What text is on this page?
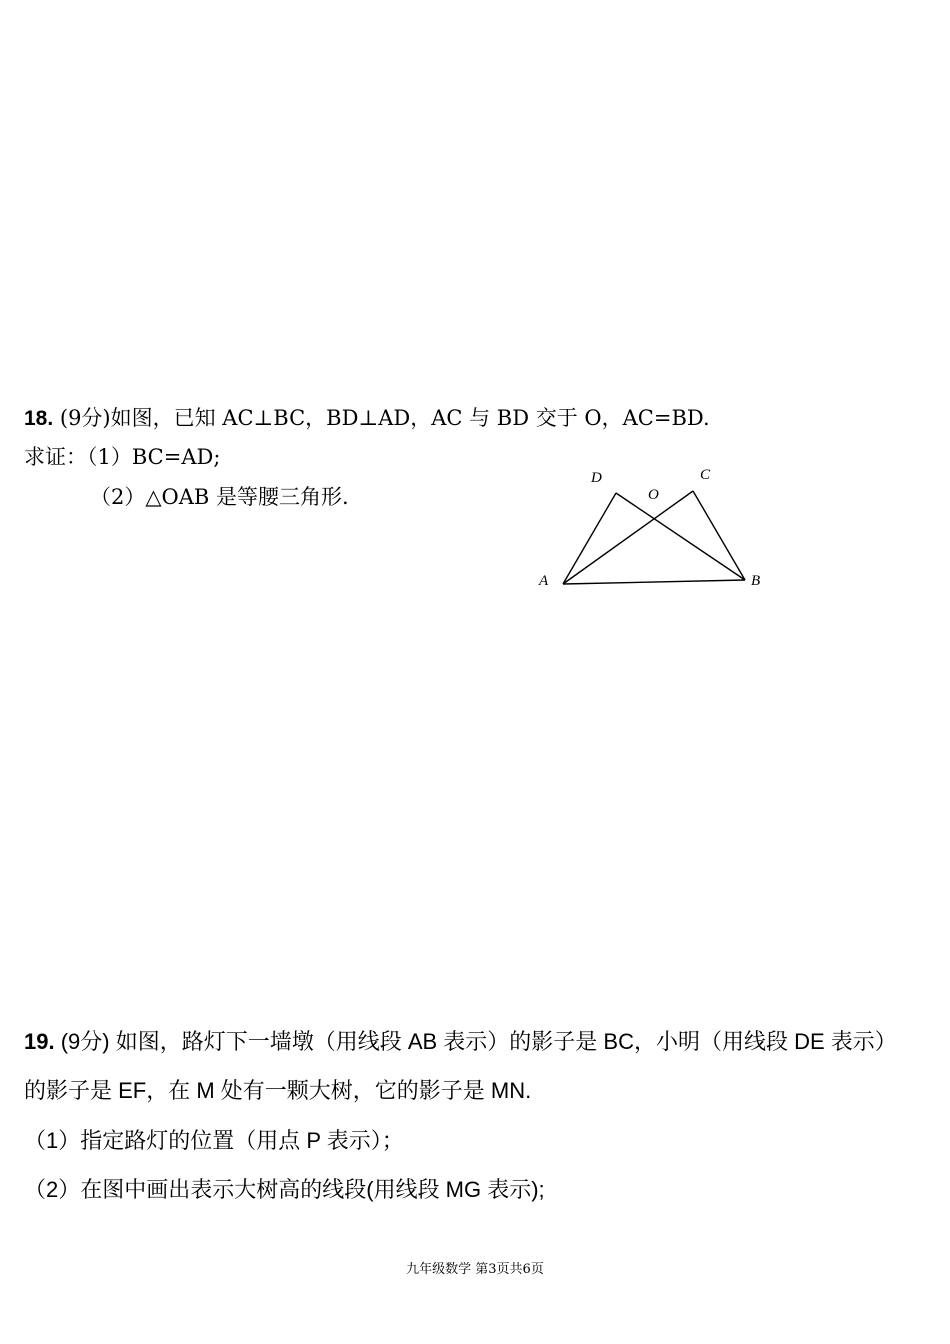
18. (9分)如图，已知 AC⊥BC，BD⊥AD，AC 与 BD 交于 O，AC=BD.
求证：（1）BC=AD;
（2）△OAB 是等腰三角形.
A	B
C
D
O
19. (9分) 如图，路灯下一墙墩（用线段 AB 表示）的影子是 BC，小明（用线段 DE 表示）
的影子是 EF，在 M 处有一颗大树，它的影子是 MN.
（1）指定路灯的位置（用点 P 表示）；
（2）在图中画出表示大树高的线段(用线段 MG 表示);
九年级数学 第3页共6页
